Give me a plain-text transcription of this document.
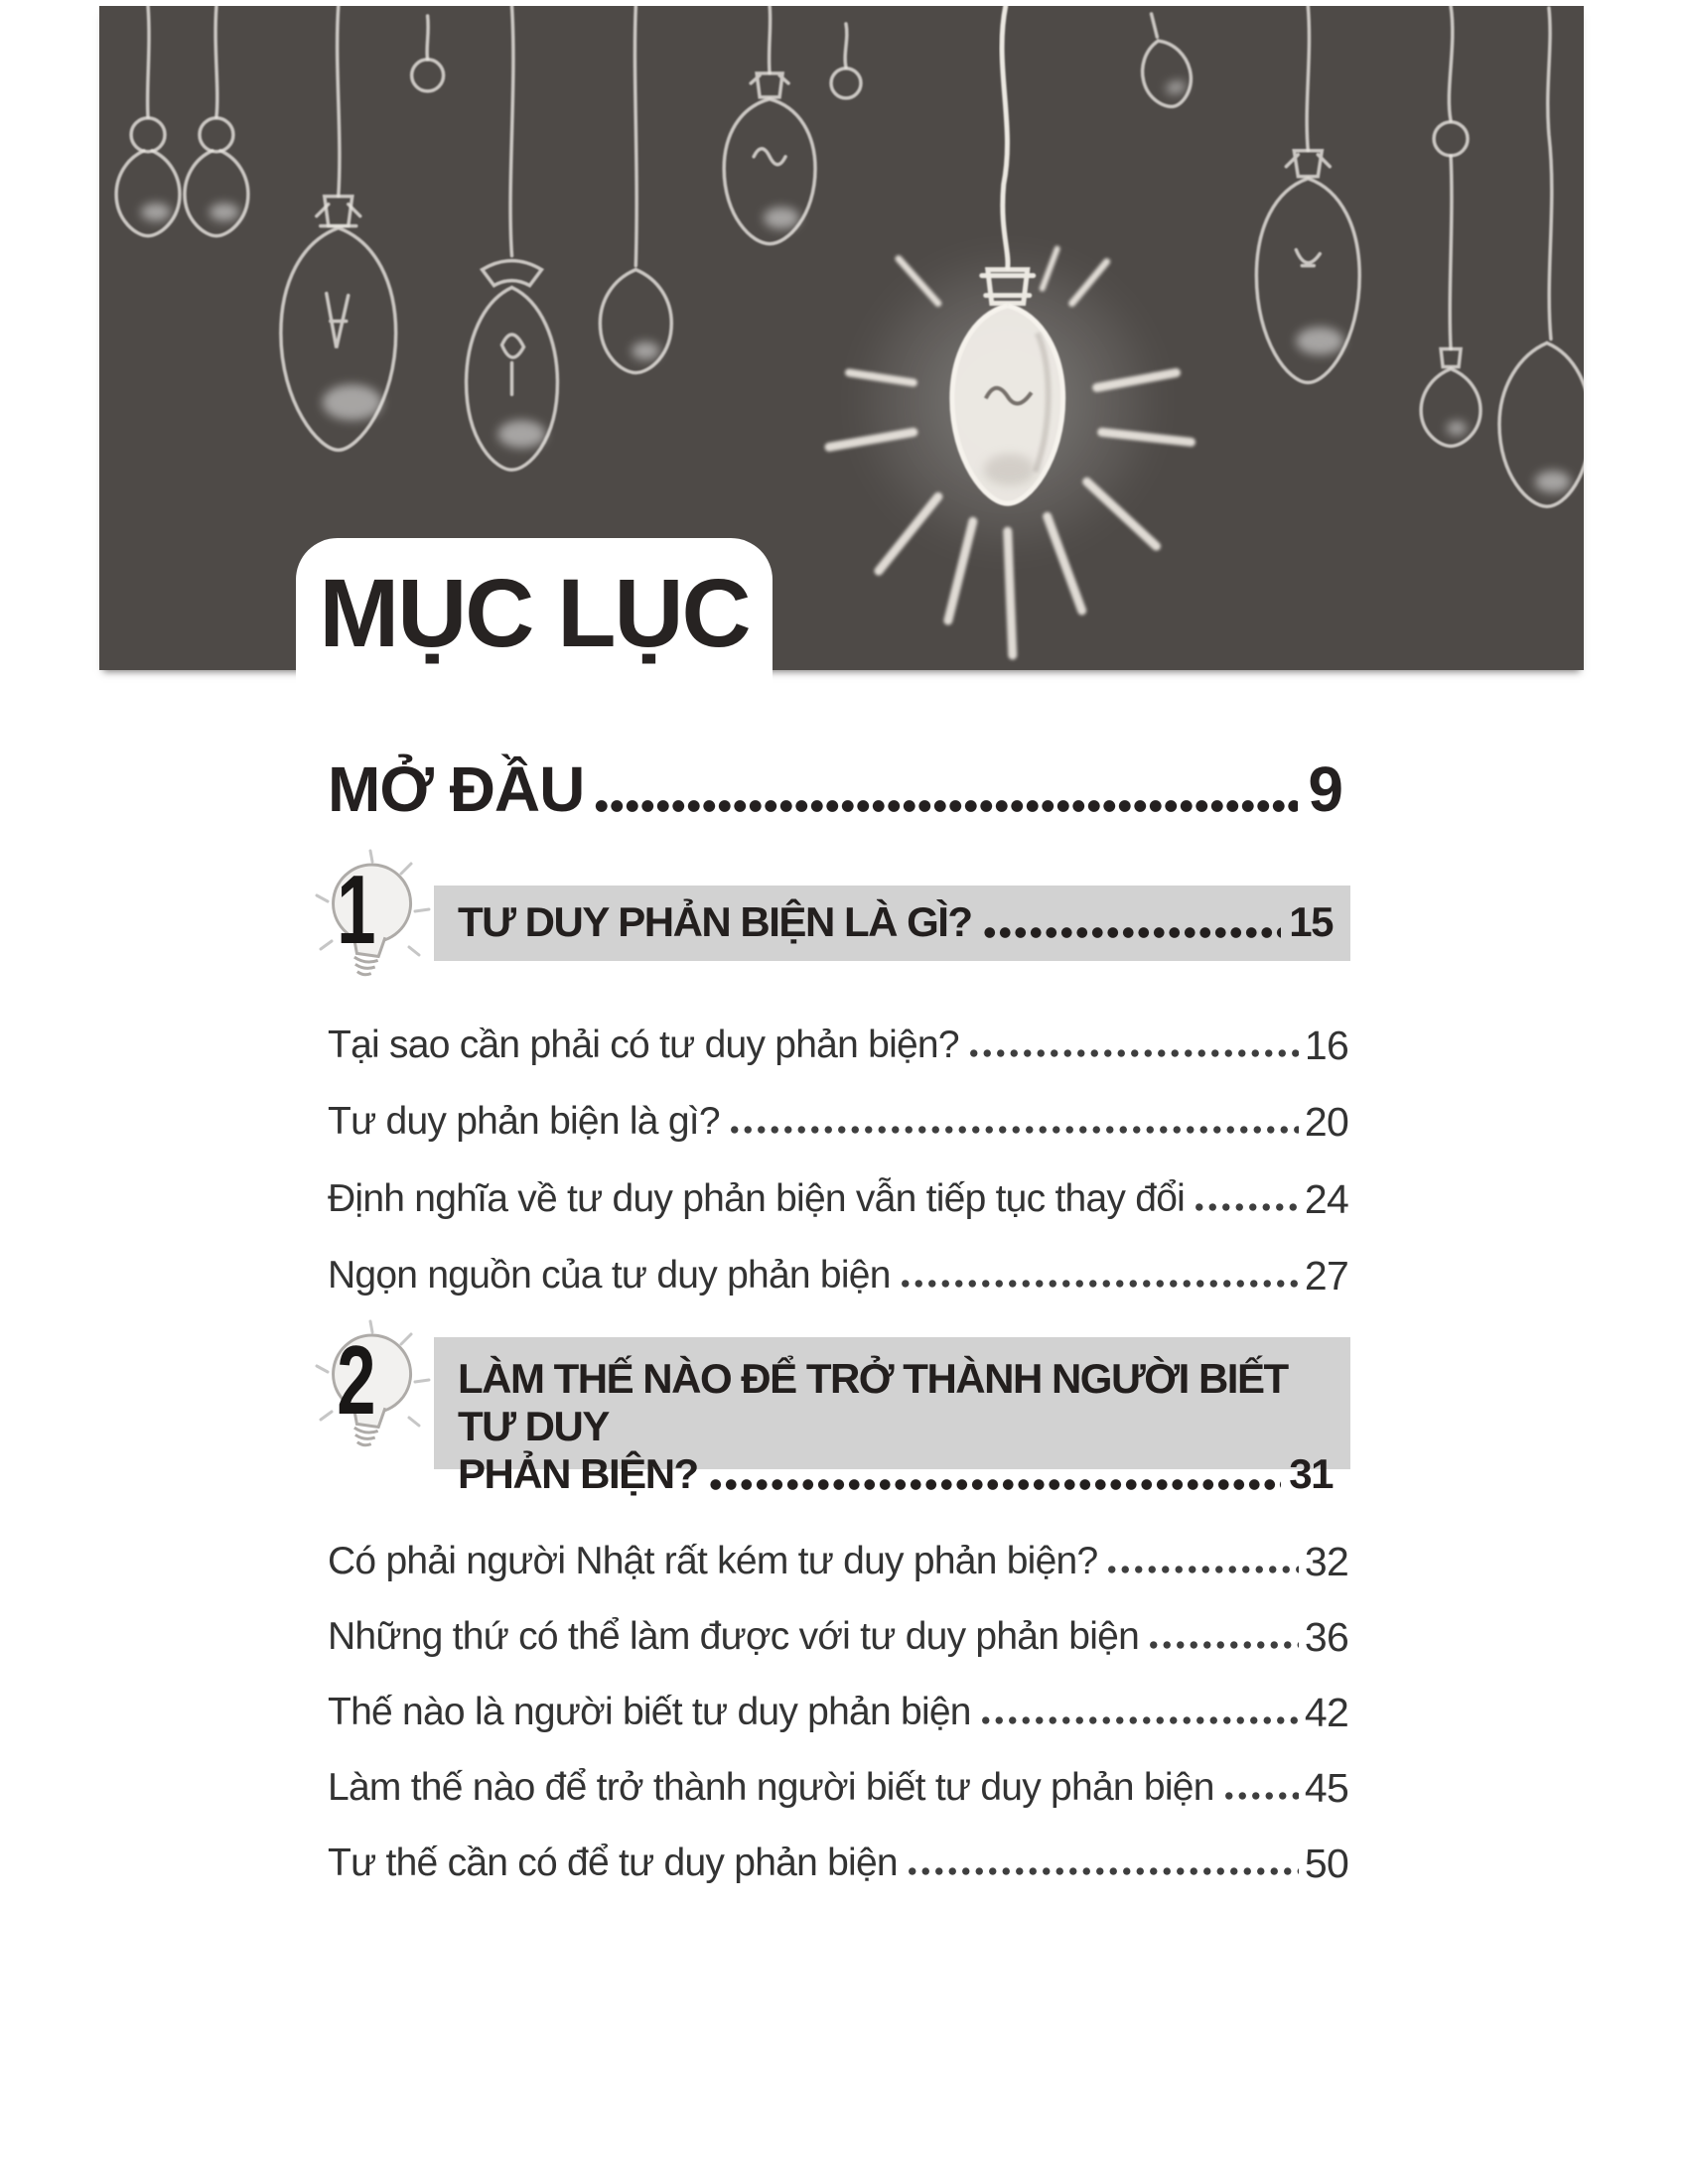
MỤC LỤC
MỞ ĐẦU	9
1 TƯ DUY PHẢN BIỆN LÀ GÌ?	15
Tại sao cần phải có tư duy phản biện?	16
Tư duy phản biện là gì?	20
Định nghĩa về tư duy phản biện vẫn tiếp tục thay đổi	24
Ngọn nguồn của tư duy phản biện	27
2 LÀM THẾ NÀO ĐỂ TRỞ THÀNH NGƯỜI BIẾT TƯ DUY
PHẢN BIỆN?	31
Có phải người Nhật rất kém tư duy phản biện?	32
Những thứ có thể làm được với tư duy phản biện	36
Thế nào là người biết tư duy phản biện	42
Làm thế nào để trở thành người biết tư duy phản biện 45
Tư thế cần có để tư duy phản biện	50
